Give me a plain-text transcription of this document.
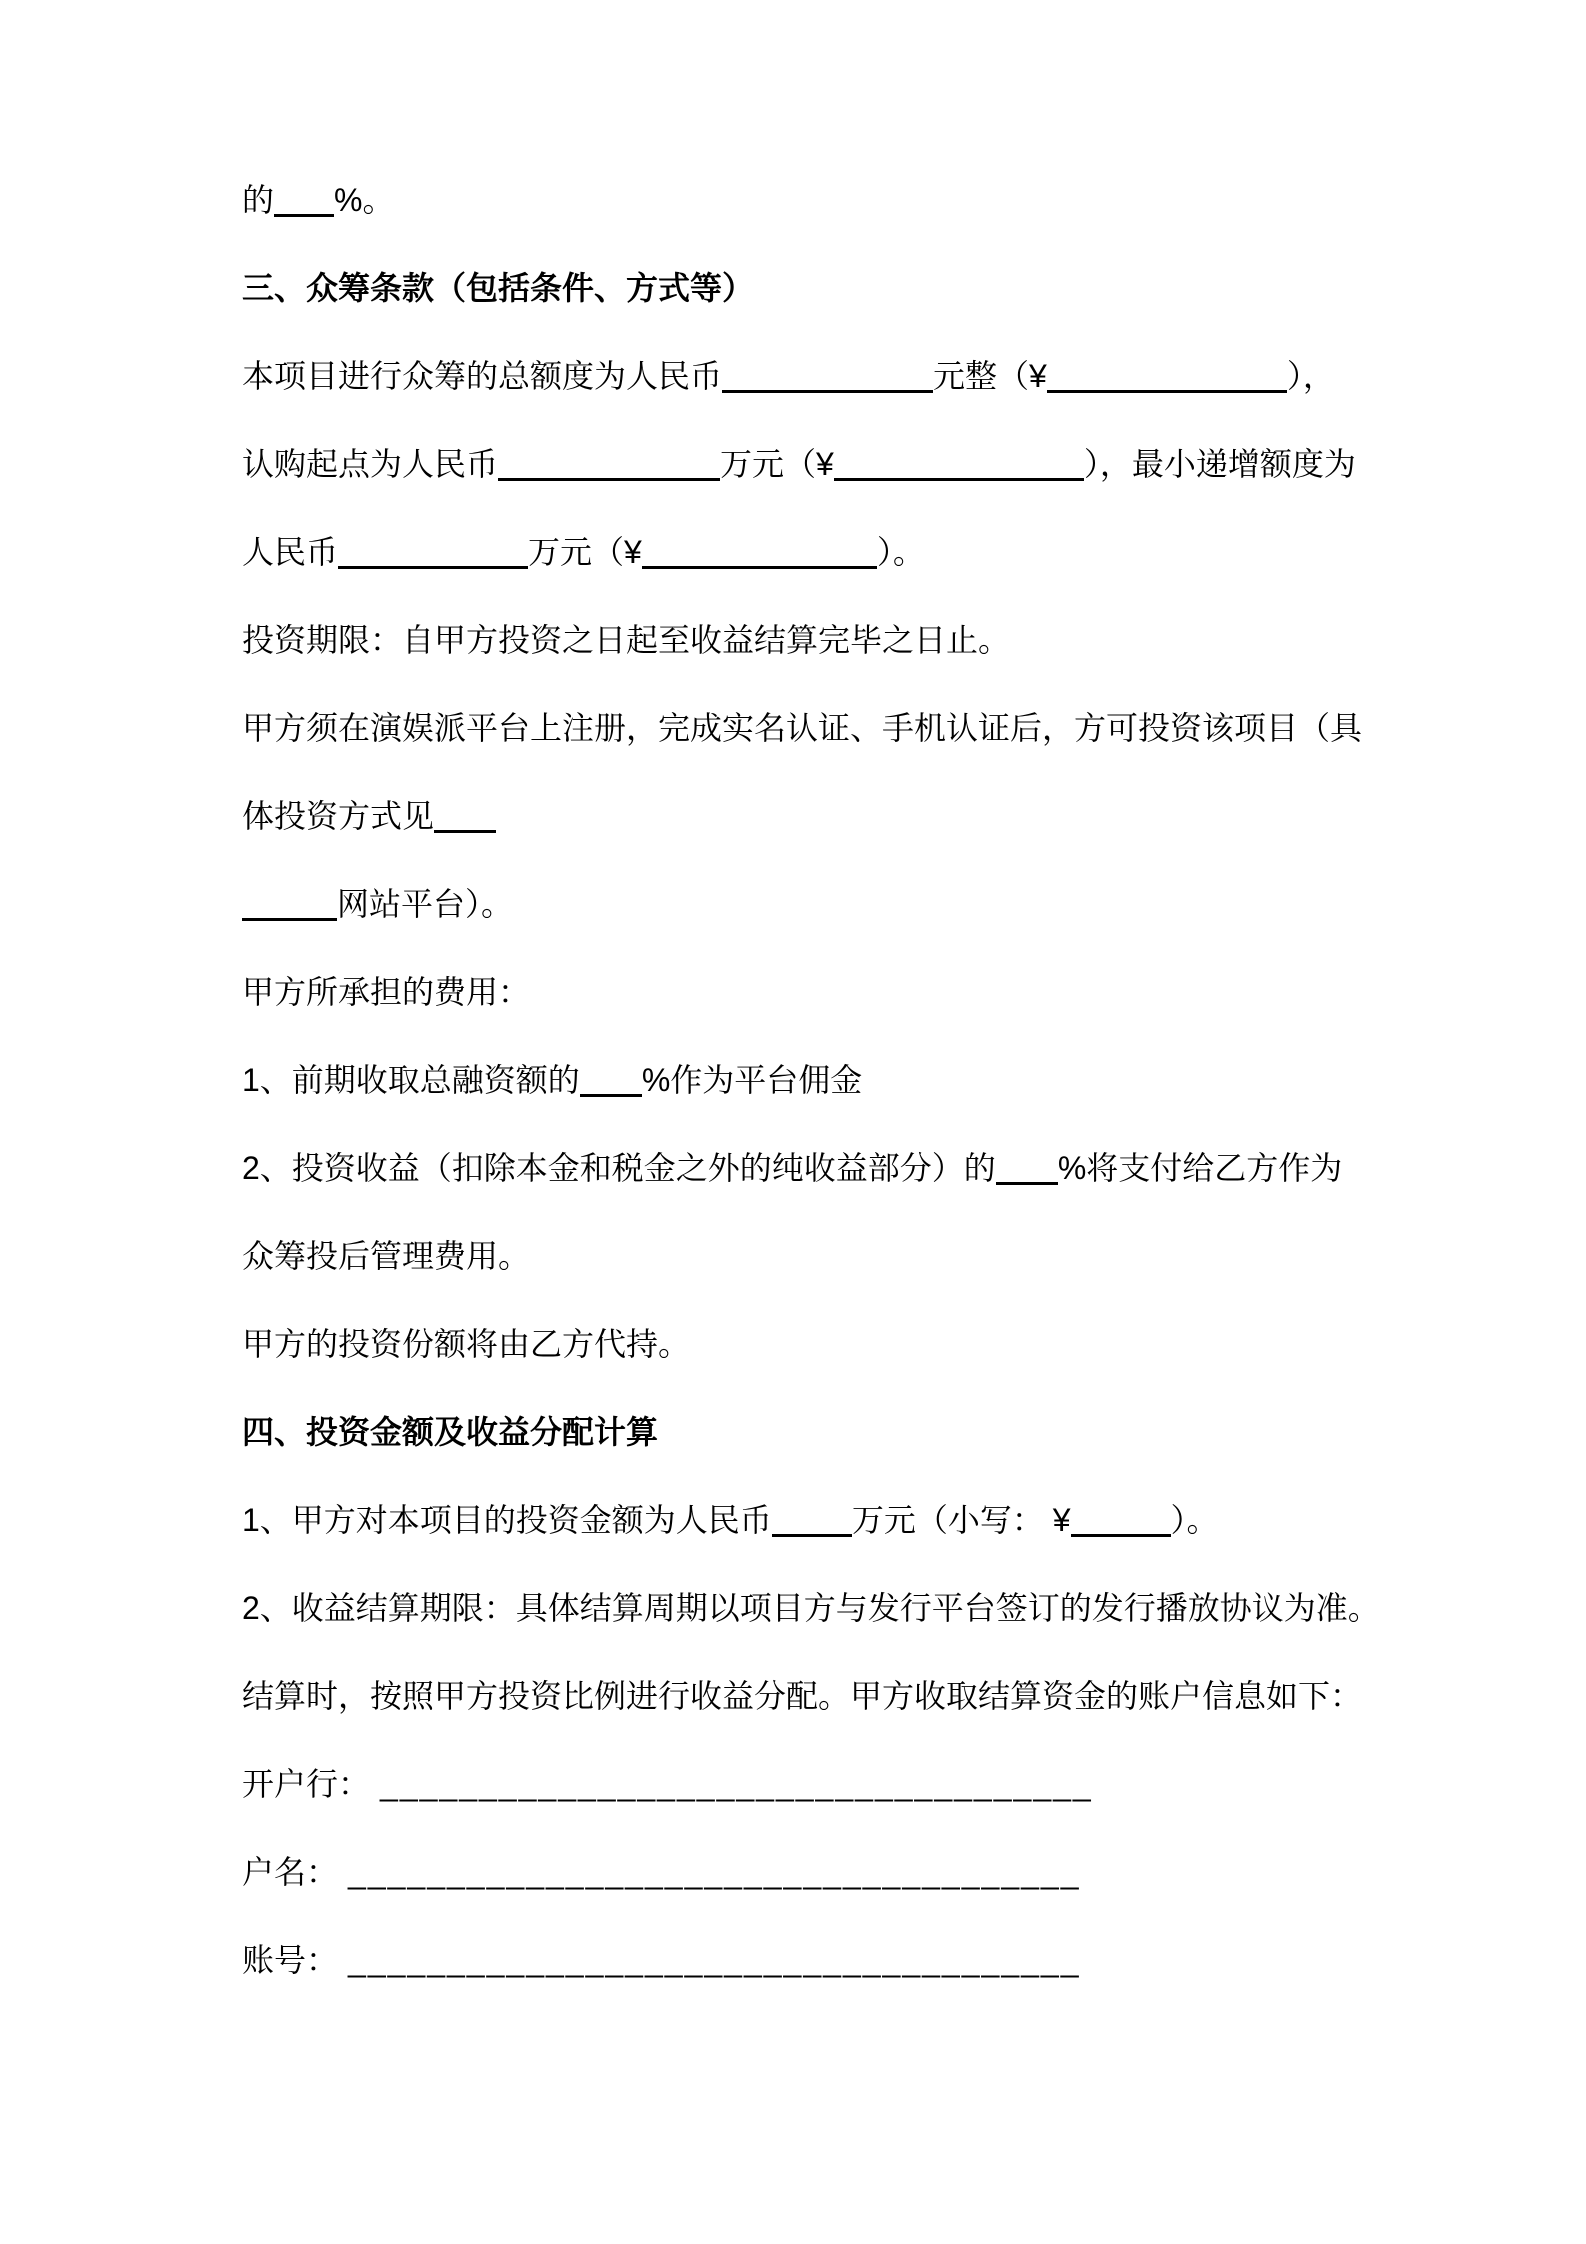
的 %。
三、众筹条款（包括条件、方式等）
本项目进行众筹的总额度为人民币	元整（¥	），
认购起点为人民币	万元（¥	），最小递增额度为
人民币	万元（¥	）。
投资期限：自甲方投资之日起至收益结算完毕之日止。
甲方须在演娱派平台上注册，完成实名认证、手机认证后，方可投资该项目（具
体投资方式见
网站平台）。
甲方所承担的费用：
1、前期收取总融资额的 %作为平台佣金
2、投资收益（扣除本金和税金之外的纯收益部分）的 %将支付给乙方作为
众筹投后管理费用。
甲方的投资份额将由乙方代持。
四、投资金额及收益分配计算
1、甲方对本项目的投资金额为人民币	万元（小写： ¥	）。
2、收益结算期限：具体结算周期以项目方与发行平台签订的发行播放协议为准。
结算时，按照甲方投资比例进行收益分配。甲方收取结算资金的账户信息如下：
开户行： ____________________________________
户名： _____________________________________
账号： _____________________________________
